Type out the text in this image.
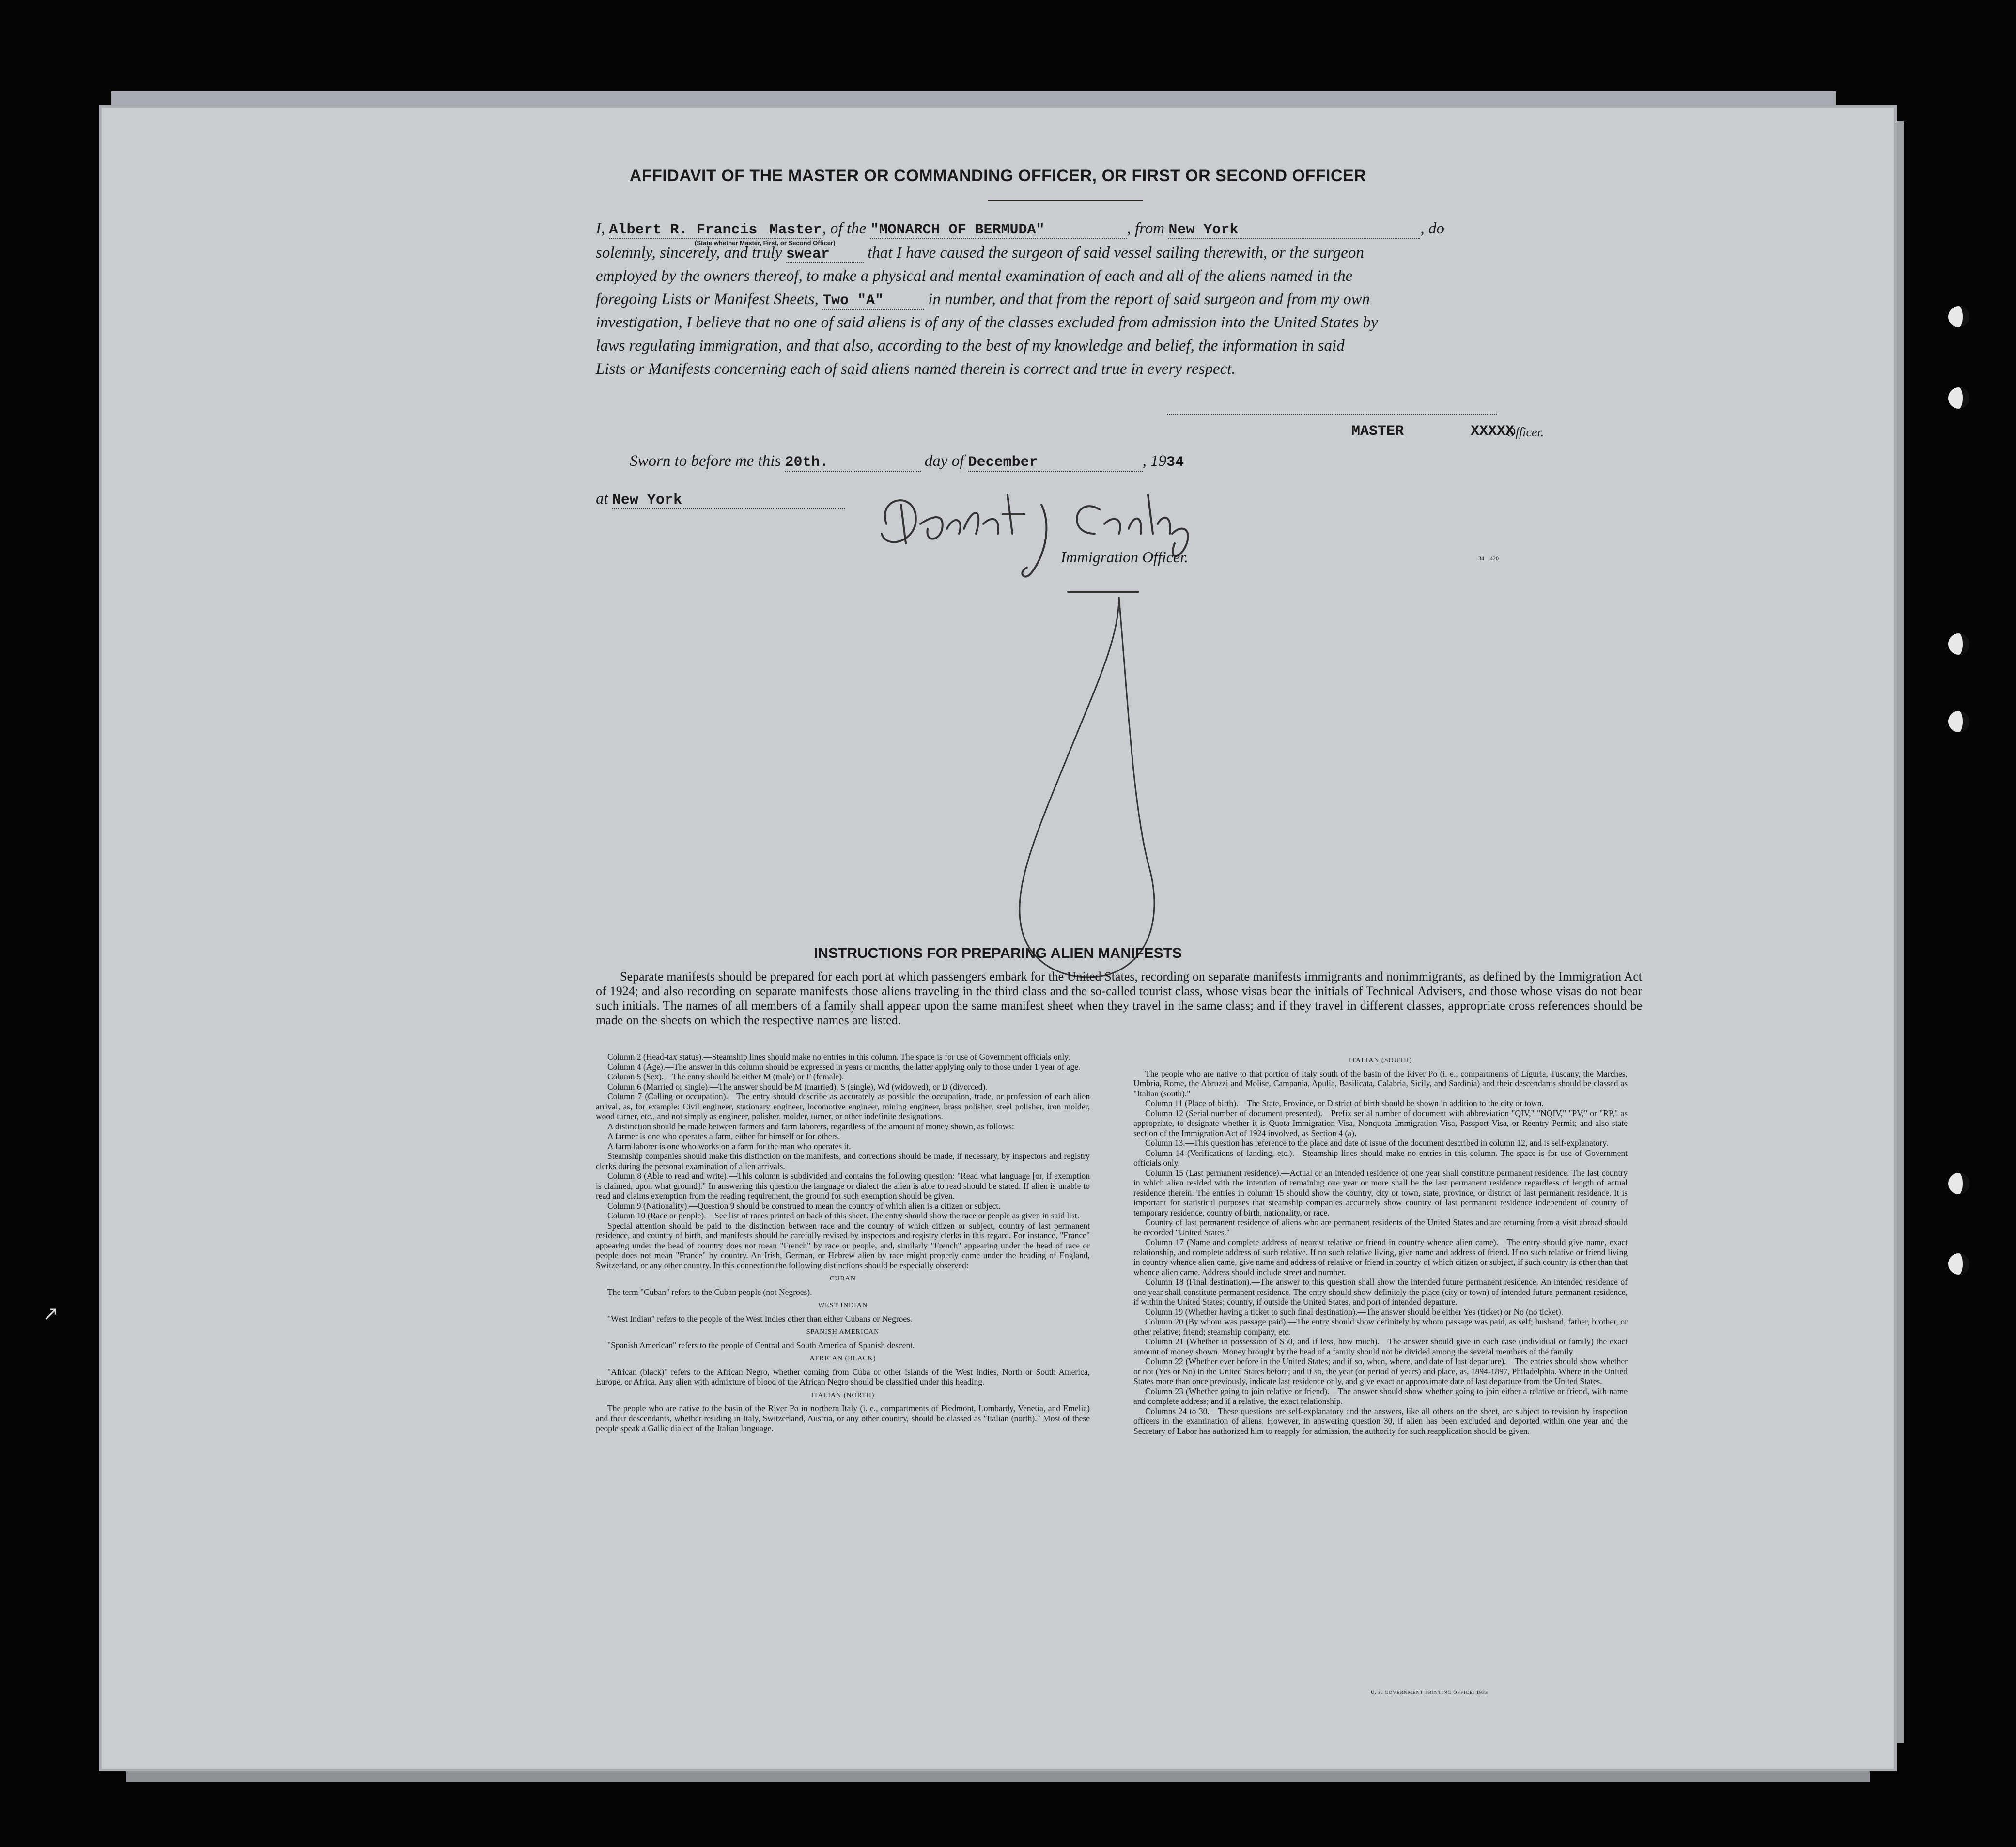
AFFIDAVIT OF THE MASTER OR COMMANDING OFFICER, OR FIRST OR SECOND OFFICER
I, Albert R. Francis Master, of the "MONARCH OF BERMUDA"	, from New York	, do
(State whether Master, First, or Second Officer)
solemnly, sincerely, and truly swear that I have caused the surgeon of said vessel sailing therewith, or the surgeon
employed by the owners thereof, to make a physical and mental examination of each and all of the aliens named in the
foregoing Lists or Manifest Sheets, Two "A"	in number, and that from the report of said surgeon and from my own
investigation, I believe that no one of said aliens is of any of the classes excluded from admission into the United States by
laws regulating immigration, and that also, according to the best of my knowledge and belief, the information in said
Lists or Manifests concerning each of said aliens named therein is correct and true in every respect.
MASTER	XXXXX
Officer.
Sworn to before me this 20th.	day of December	, 1934
at New York
Herbert J Conley	Immigration Officer.	34—420
INSTRUCTIONS FOR PREPARING ALIEN MANIFESTS
Separate manifests should be prepared for each port at which passengers embark for the United States, recording on separate manifests immigrants and nonimmigrants, as defined by the Immigration Act of 1924; and also recording on separate manifests those aliens traveling in the third class and the so-called tourist class, whose visas bear the initials of Technical Advisers, and those whose visas do not bear such initials. The names of all members of a family shall appear upon the same manifest sheet when they travel in the same class; and if they travel in different classes, appropriate cross references should be made on the sheets on which the respective names are listed.

Column 2 (Head-tax status).—Steamship lines should make no entries in this column. The space is for use of Government officials only.

Column 4 (Age).—The answer in this column should be expressed in years or months, the latter applying only to those under 1 year of age.

Column 5 (Sex).—The entry should be either M (male) or F (female).

Column 6 (Married or single).—The answer should be M (married), S (single), Wd (widowed), or D (divorced).

Column 7 (Calling or occupation).—The entry should describe as accurately as possible the occupation, trade, or profession of each alien arrival, as, for example: Civil engineer, stationary engineer, locomotive engineer, mining engineer, brass polisher, steel polisher, iron molder, wood turner, etc., and not simply as engineer, polisher, molder, turner, or other indefinite designations.

A distinction should be made between farmers and farm laborers, regardless of the amount of money shown, as follows:

A farmer is one who operates a farm, either for himself or for others.

A farm laborer is one who works on a farm for the man who operates it.

Steamship companies should make this distinction on the manifests, and corrections should be made, if necessary, by inspectors and registry clerks during the personal examination of alien arrivals.

Column 8 (Able to read and write).—This column is subdivided and contains the following question: "Read what language [or, if exemption is claimed, upon what ground]." In answering this question the language or dialect the alien is able to read should be stated. If alien is unable to read and claims exemption from the reading requirement, the ground for such exemption should be given.

Column 9 (Nationality).—Question 9 should be construed to mean the country of which alien is a citizen or subject.

Column 10 (Race or people).—See list of races printed on back of this sheet. The entry should show the race or people as given in said list.

Special attention should be paid to the distinction between race and the country of which citizen or subject, country of last permanent residence, and country of birth, and manifests should be carefully revised by inspectors and registry clerks in this regard. For instance, "France" appearing under the head of country does not mean "French" by race or people, and, similarly "French" appearing under the head of race or people does not mean "France" by country. An Irish, German, or Hebrew alien by race might properly come under the heading of England, Switzerland, or any other country. In this connection the following distinctions should be especially observed:

CUBAN

The term "Cuban" refers to the Cuban people (not Negroes).

WEST INDIAN

"West Indian" refers to the people of the West Indies other than either Cubans or Negroes.

SPANISH AMERICAN

"Spanish American" refers to the people of Central and South America of Spanish descent.

AFRICAN (BLACK)

"African (black)" refers to the African Negro, whether coming from Cuba or other islands of the West Indies, North or South America, Europe, or Africa. Any alien with admixture of blood of the African Negro should be classified under this heading.

ITALIAN (NORTH)

The people who are native to the basin of the River Po in northern Italy (i. e., compartments of Piedmont, Lombardy, Venetia, and Emelia) and their descendants, whether residing in Italy, Switzerland, Austria, or any other country, should be classed as "Italian (north)." Most of these people speak a Gallic dialect of the Italian language.

ITALIAN (SOUTH)

The people who are native to that portion of Italy south of the basin of the River Po (i. e., compartments of Liguria, Tuscany, the Marches, Umbria, Rome, the Abruzzi and Molise, Campania, Apulia, Basilicata, Calabria, Sicily, and Sardinia) and their descendants should be classed as "Italian (south)."

Column 11 (Place of birth).—The State, Province, or District of birth should be shown in addition to the city or town.

Column 12 (Serial number of document presented).—Prefix serial number of document with abbreviation "QIV," "NQIV," "PV," or "RP," as appropriate, to designate whether it is Quota Immigration Visa, Nonquota Immigration Visa, Passport Visa, or Reentry Permit; and also state section of the Immigration Act of 1924 involved, as Section 4 (a).

Column 13.—This question has reference to the place and date of issue of the document described in column 12, and is self-explanatory.

Column 14 (Verifications of landing, etc.).—Steamship lines should make no entries in this column. The space is for use of Government officials only.

Column 15 (Last permanent residence).—Actual or an intended residence of one year shall constitute permanent residence. The last country in which alien resided with the intention of remaining one year or more shall be the last permanent residence regardless of length of actual residence therein. The entries in column 15 should show the country, city or town, state, province, or district of last permanent residence. It is important for statistical purposes that steamship companies accurately show country of last permanent residence independent of country of temporary residence, country of birth, nationality, or race.

Country of last permanent residence of aliens who are permanent residents of the United States and are returning from a visit abroad should be recorded "United States."

Column 17 (Name and complete address of nearest relative or friend in country whence alien came).—The entry should give name, exact relationship, and complete address of such relative. If no such relative living, give name and address of friend. If no such relative or friend living in country whence alien came, give name and address of relative or friend in country of which citizen or subject, if such country is other than that whence alien came. Address should include street and number.

Column 18 (Final destination).—The answer to this question shall show the intended future permanent residence. An intended residence of one year shall constitute permanent residence. The entry should show definitely the place (city or town) of intended future permanent residence, if within the United States; country, if outside the United States, and port of intended departure.

Column 19 (Whether having a ticket to such final destination).—The answer should be either Yes (ticket) or No (no ticket).

Column 20 (By whom was passage paid).—The entry should show definitely by whom passage was paid, as self; husband, father, brother, or other relative; friend; steamship company, etc.

Column 21 (Whether in possession of $50, and if less, how much).—The answer should give in each case (individual or family) the exact amount of money shown. Money brought by the head of a family should not be divided among the several members of the family.

Column 22 (Whether ever before in the United States; and if so, when, where, and date of last departure).—The entries should show whether or not (Yes or No) in the United States before; and if so, the year (or period of years) and place, as, 1894-1897, Philadelphia. Where in the United States more than once previously, indicate last residence only, and give exact or approximate date of last departure from the United States.

Column 23 (Whether going to join relative or friend).—The answer should show whether going to join either a relative or friend, with name and complete address; and if a relative, the exact relationship.

Columns 24 to 30.—These questions are self-explanatory and the answers, like all others on the sheet, are subject to revision by inspection officers in the examination of aliens. However, in answering question 30, if alien has been excluded and deported within one year and the Secretary of Labor has authorized him to reapply for admission, the authority for such reapplication should be given.

U. S. GOVERNMENT PRINTING OFFICE: 1933
↗
